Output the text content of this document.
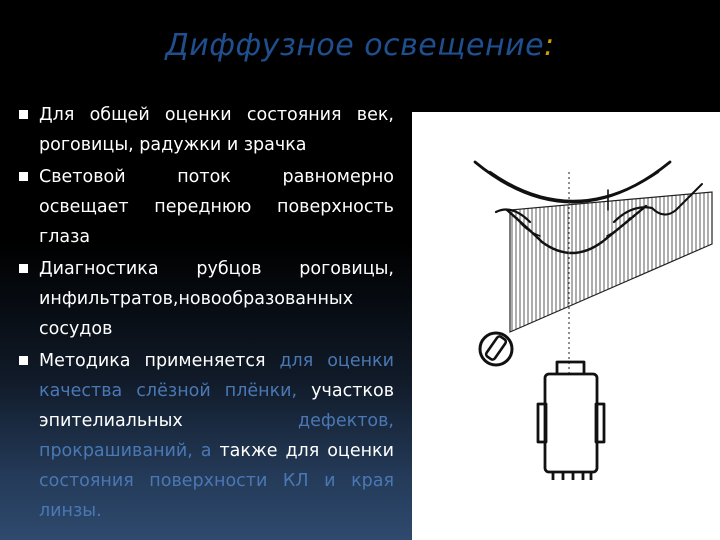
Диффузное освещение:
Для общей оценки состояния век, роговицы, радужки и зрачка
Световой поток равномерно освещает переднюю поверхность глаза
Диагностика рубцов роговицы, инфильтратов,новообразованных сосудов
Методика применяется для оценки качества слёзной плёнки, участков эпителиальных дефектов, прокрашиваний, а также для оценки состояния поверхности КЛ и края линзы.
